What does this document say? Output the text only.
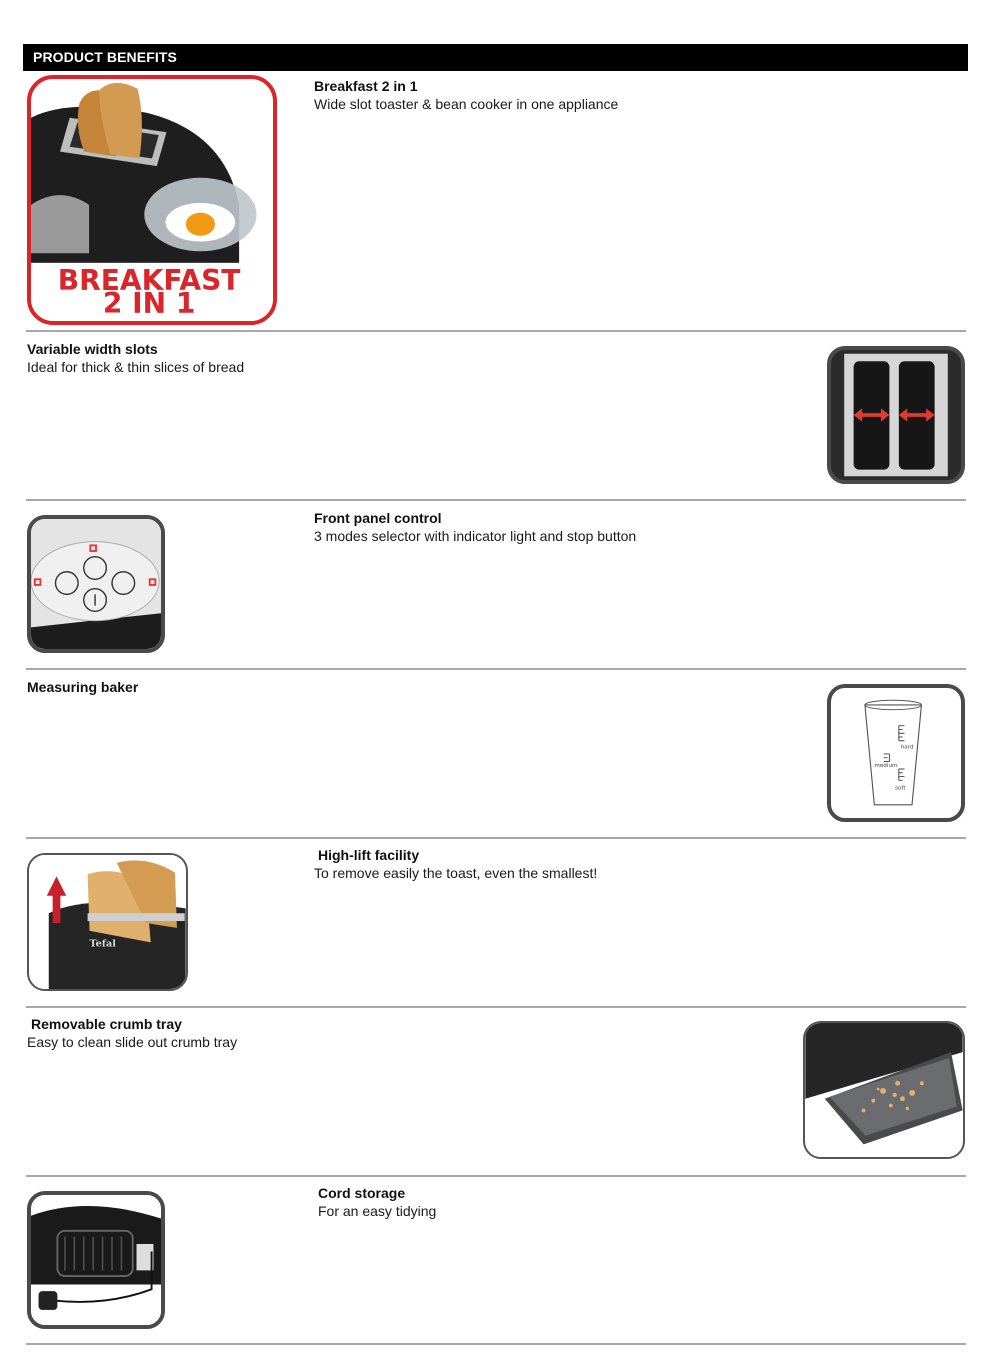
PRODUCT BENEFITS
BREAKFAST
2 IN 1
Breakfast 2 in 1
Wide slot toaster & bean cooker in one appliance
Variable width slots
Ideal for thick & thin slices of bread
Front panel control
3 modes selector with indicator light and stop button
Measuring baker
hard
medium
soft
Tefal
High-lift facility
To remove easily the toast, even the smallest!
Removable crumb tray
Easy to clean slide out crumb tray
Cord storage
For an easy tidying
